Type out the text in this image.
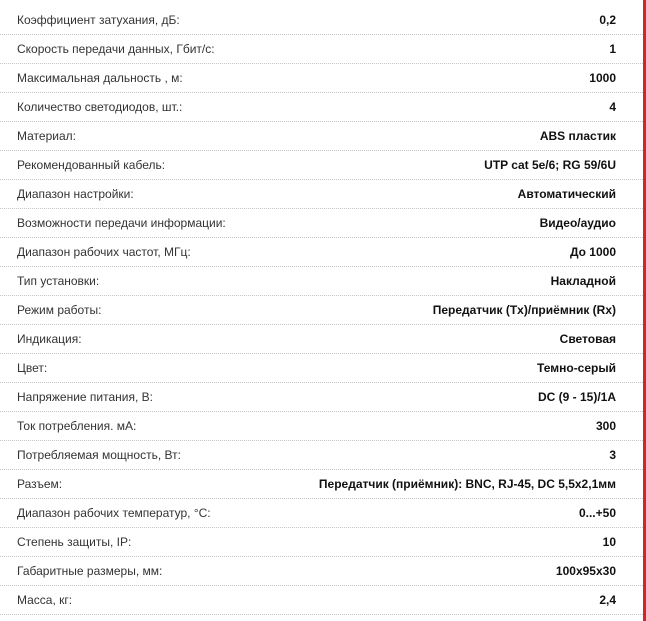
Коэффициент затухания, дБ:	0,2
Скорость передачи данных, Гбит/с:	1
Максимальная дальность , м:	1000
Количество светодиодов, шт.:	4
Материал:	ABS пластик
Рекомендованный кабель:	UTP cat 5e/6; RG 59/6U
Диапазон настройки:	Автоматический
Возможности передачи информации:	Видео/аудио
Диапазон рабочих частот, МГц:	До 1000
Тип установки:	Накладной
Режим работы:	Передатчик (Tx)/приёмник (Rx)
Индикация:	Световая
Цвет:	Темно-серый
Напряжение питания, В:	DC (9 - 15)/1A
Ток потребления. мА:	300
Потребляемая мощность, Вт:	3
Разъем:	Передатчик (приёмник): BNC, RJ-45, DC 5,5х2,1мм
Диапазон рабочих температур, °С:	0...+50
Степень защиты, IP:	10
Габаритные размеры, мм:	100х95х30
Масса, кг:	2,4
